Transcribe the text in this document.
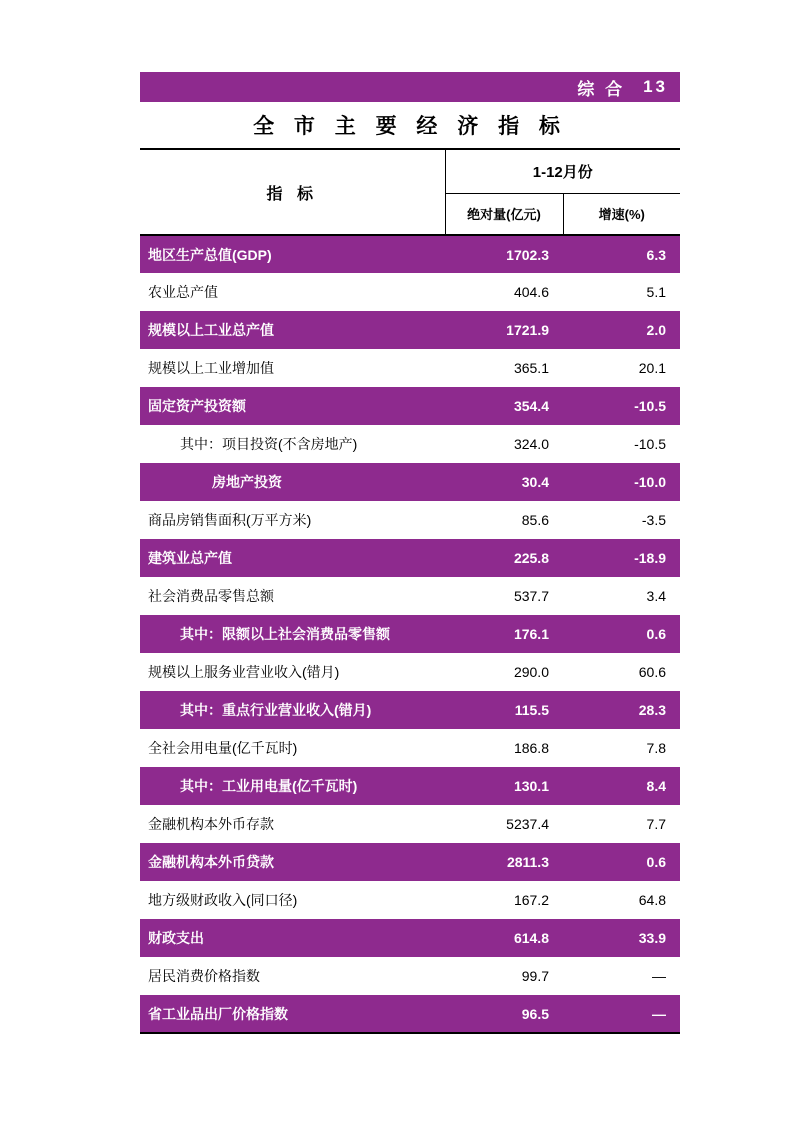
综 合 13
全 市 主 要 经 济 指 标
指 标	1-12月份	
	绝对量(亿元)	增速(%)
地区生产总值(GDP)	1702.3	6.3
农业总产值	404.6	5.1
规模以上工业总产值	1721.9	2.0
规模以上工业增加值	365.1	20.1
固定资产投资额	354.4	-10.5
其中：项目投资(不含房地产)	324.0	-10.5
房地产投资	30.4	-10.0
商品房销售面积(万平方米)	85.6	-3.5
建筑业总产值	225.8	-18.9
社会消费品零售总额	537.7	3.4
其中：限额以上社会消费品零售额	176.1	0.6
规模以上服务业营业收入(错月)	290.0	60.6
其中：重点行业营业收入(错月)	115.5	28.3
全社会用电量(亿千瓦时)	186.8	7.8
其中：工业用电量(亿千瓦时)	130.1	8.4
金融机构本外币存款	5237.4	7.7
金融机构本外币贷款	2811.3	0.6
地方级财政收入(同口径)	167.2	64.8
财政支出	614.8	33.9
居民消费价格指数	99.7	—
省工业品出厂价格指数	96.5	—
